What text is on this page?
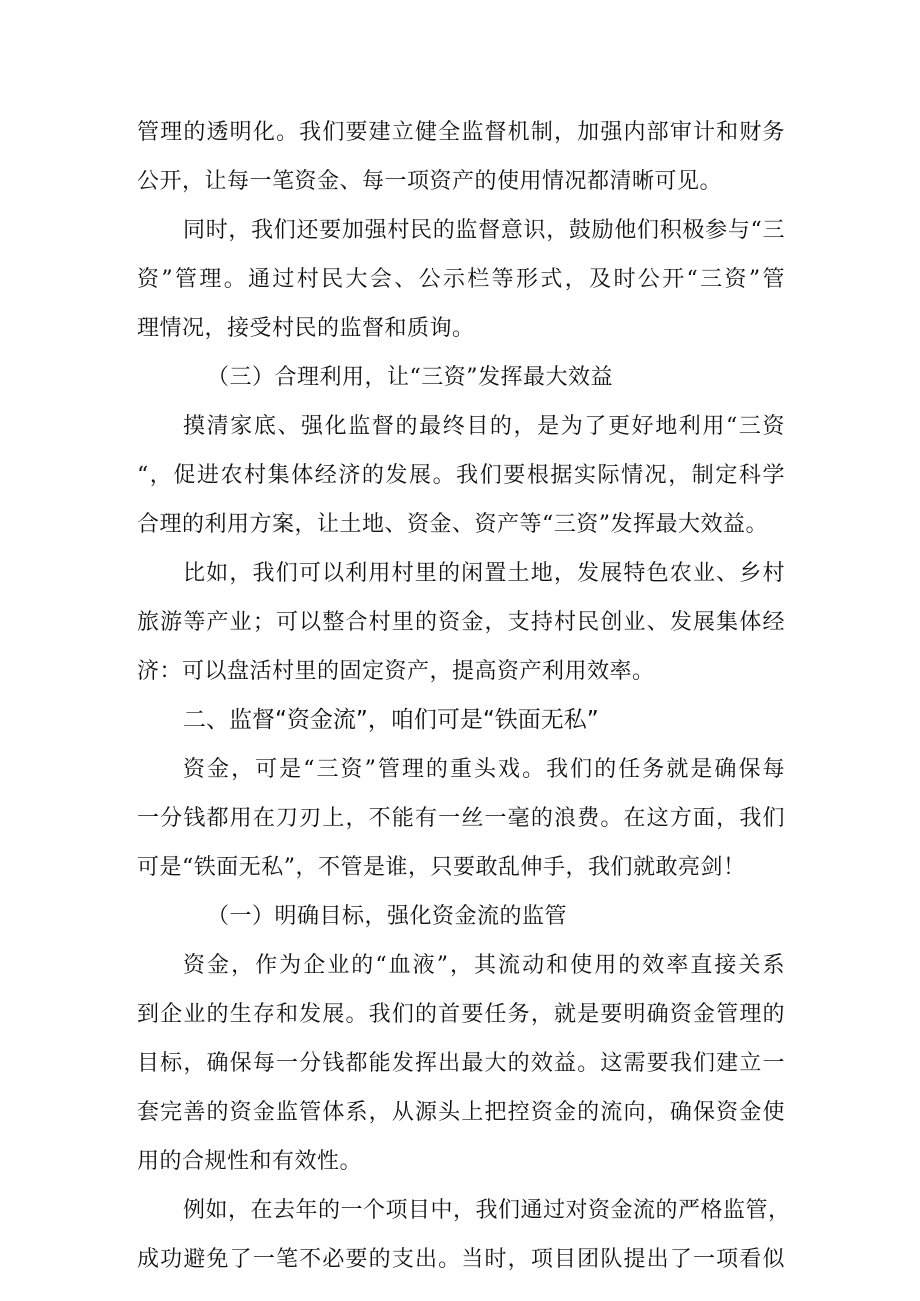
管理的透明化。我们要建立健全监督机制，加强内部审计和财务
公开，让每一笔资金、每一项资产的使用情况都清晰可见。
同时，我们还要加强村民的监督意识，鼓励他们积极参与“三
资”管理。通过村民大会、公示栏等形式，及时公开“三资”管
理情况，接受村民的监督和质询。
（三）合理利用，让“三资”发挥最大效益
摸清家底、强化监督的最终目的，是为了更好地利用“三资
“，促进农村集体经济的发展。我们要根据实际情况，制定科学
合理的利用方案，让土地、资金、资产等“三资”发挥最大效益。
比如，我们可以利用村里的闲置土地，发展特色农业、乡村
旅游等产业；可以整合村里的资金，支持村民创业、发展集体经
济：可以盘活村里的固定资产，提高资产利用效率。
二、监督“资金流”，咱们可是“铁面无私”
资金，可是“三资”管理的重头戏。我们的任务就是确保每
一分钱都用在刀刃上，不能有一丝一毫的浪费。在这方面，我们
可是“铁面无私”，不管是谁，只要敢乱伸手，我们就敢亮剑！
（一）明确目标，强化资金流的监管
资金，作为企业的“血液”，其流动和使用的效率直接关系
到企业的生存和发展。我们的首要任务，就是要明确资金管理的
目标，确保每一分钱都能发挥出最大的效益。这需要我们建立一
套完善的资金监管体系，从源头上把控资金的流向，确保资金使
用的合规性和有效性。
例如，在去年的一个项目中，我们通过对资金流的严格监管，
成功避免了一笔不必要的支出。当时，项目团队提出了一项看似
